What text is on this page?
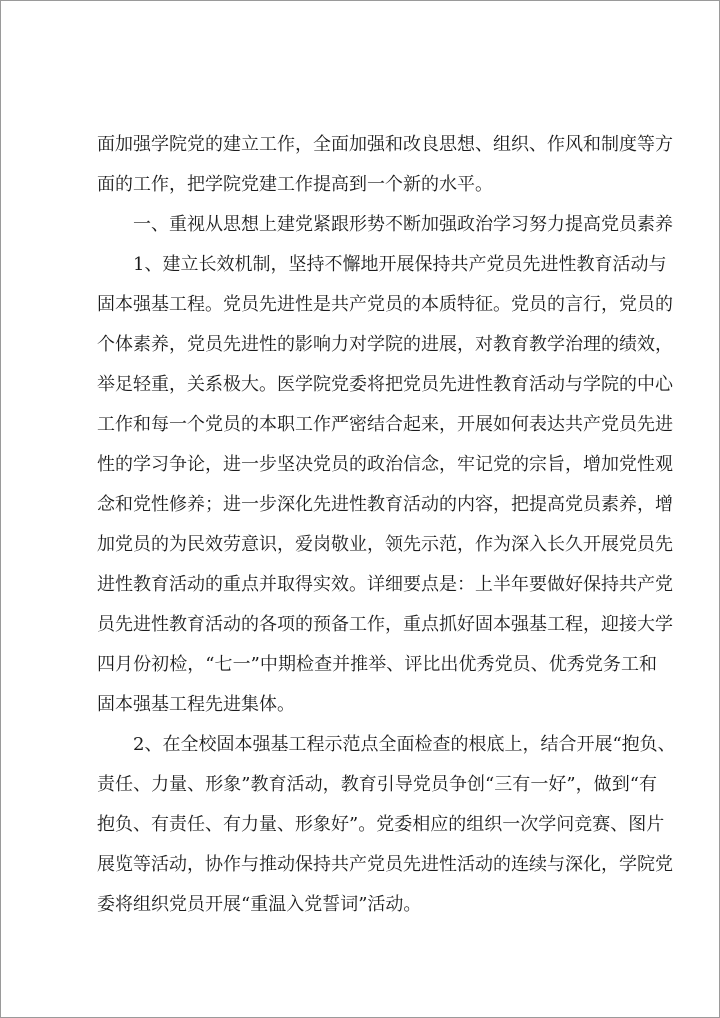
面加强学院党的建立工作，全面加强和改良思想、组织、作风和制度等方
面的工作，把学院党建工作提高到一个新的水平。
一、重视从思想上建党紧跟形势不断加强政治学习努力提高党员素养
1、建立长效机制，坚持不懈地开展保持共产党员先进性教育活动与
固本强基工程。党员先进性是共产党员的本质特征。党员的言行，党员的
个体素养，党员先进性的影响力对学院的进展，对教育教学治理的绩效，
举足轻重，关系极大。医学院党委将把党员先进性教育活动与学院的中心
工作和每一个党员的本职工作严密结合起来，开展如何表达共产党员先进
性的学习争论，进一步坚决党员的政治信念，牢记党的宗旨，增加党性观
念和党性修养；进一步深化先进性教育活动的内容，把提高党员素养，增
加党员的为民效劳意识，爱岗敬业，领先示范，作为深入长久开展党员先
进性教育活动的重点并取得实效。详细要点是：上半年要做好保持共产党
员先进性教育活动的各项的预备工作，重点抓好固本强基工程，迎接大学
四月份初检，“七一”中期检查并推举、评比出优秀党员、优秀党务工和
固本强基工程先进集体。
2、在全校固本强基工程示范点全面检查的根底上，结合开展“抱负、
责任、力量、形象”教育活动，教育引导党员争创“三有一好”，做到“有
抱负、有责任、有力量、形象好”。党委相应的组织一次学问竞赛、图片
展览等活动，协作与推动保持共产党员先进性活动的连续与深化，学院党
委将组织党员开展“重温入党誓词”活动。
